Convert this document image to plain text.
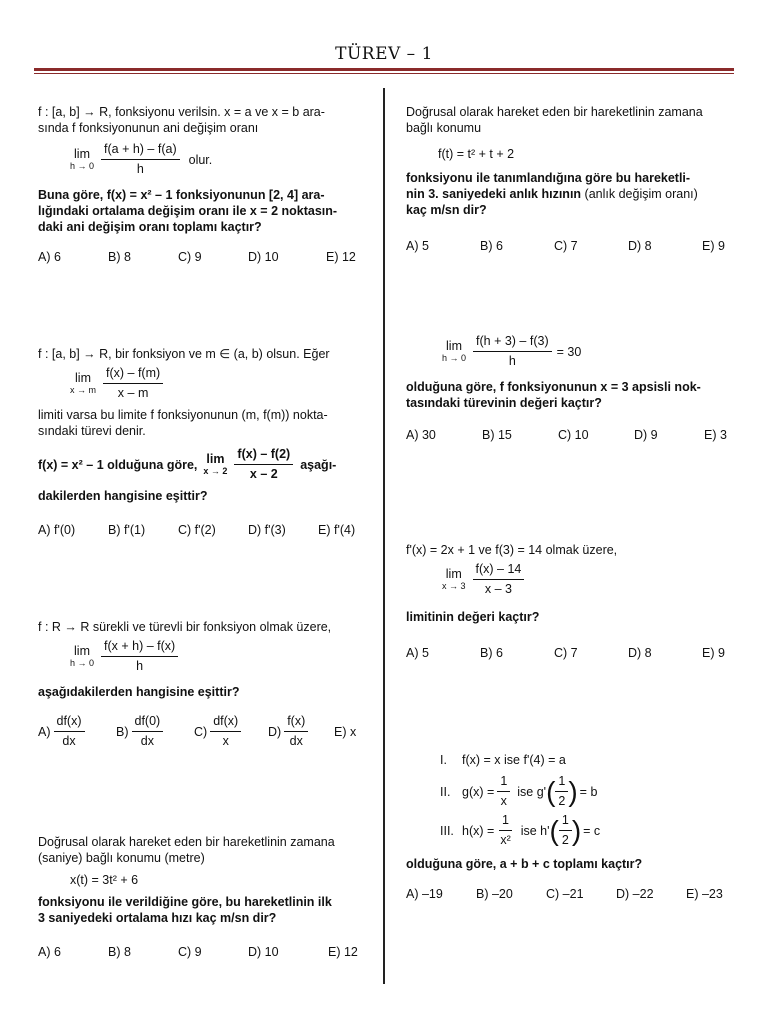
TÜREV – 1

f : [a, b] → R, fonksiyonu verilsin. x = a ve x = b ara-

sında f fonksiyonunun ani değişim oranı

lim
$h \to 0 \frac{f(a + h) - f(a)}{h}$ olur.

Buna göre, f(x) = x² – 1 fonksiyonunun [2, 4] ara-

lığındaki ortalama değişim oranı ile x = 2 noktasın-

daki ani değişim oranı toplamı kaçtır?

A) 6	B) 8	C) 9	D) 10	E) 12

f : [a, b] → R, bir fonksiyon ve m ∈ (a, b) olsun. Eğer

lim
x → m $\frac{f(x) - f(m)}{x - m}$

limiti varsa bu limite f fonksiyonunun (m, f(m)) nokta-

sındaki türevi denir.

f(x) = x² – 1 olduğuna göre, lim
$x \to 2 \frac{f(x) - f(2)}{x - 2}$ aşağı-

dakilerden hangisine eşittir?

A) f'(0)	B) f'(1)	C) f'(2)	D) f'(3)	E) f'(4)

f : R → R sürekli ve türevli bir fonksiyon olmak üzere,

lim
$h \to 0 \frac{f(x + h) - f(x)}{h}$

aşağıdakilerden hangisine eşittir?

$A) \frac{df(x)}{dx}$	$B) \frac{df(0)}{dx} C) \frac{df(x)}{x} D) \frac{f(x)}{dx} E$) x

Doğrusal olarak hareket eden bir hareketlinin zamana

(saniye) bağlı konumu (metre)

x(t) = 3t² + 6

fonksiyonu ile verildiğine göre, bu hareketlinin ilk

3 saniyedeki ortalama hızı kaç m/sn dir?

A) 6	B) 8	C) 9	D) 10	E) 12

Doğrusal olarak hareket eden bir hareketlinin zamana

bağlı konumu

f(t) = t² + t + 2

fonksiyonu ile tanımlandığına göre bu hareketli-

nin 3. saniyedeki anlık hızının (anlık değişim oranı)

kaç m/sn dir?

A) 5	B) 6	C) 7	D) 8	E) 9
lim
$h \to 0 \frac{f(h + 3) - f(3)}{h} = 30$

olduğuna göre, f fonksiyonunun x = 3 apsisli nok-

tasındaki türevinin değeri kaçtır?

A) 30	B) 15	C) 10	D) 9	E) 3

f'(x) = 2x + 1 ve f(3) = 14 olmak üzere,

lim
$x \to 3 \frac{f(x) - 14}{x - 3}$

limitinin değeri kaçtır?

A) 5	B) 6	C) 7	D) 8	E) 9
I.	f(x) = x ise f'(4) = a
II. $g(x) = \frac{1}{x}$ ise g' ( $\frac{1}{2}$ ) = b
III. $h(x) = \frac{1}{\text{x²}}$ ise h' ( $\frac{1}{2}$ ) = c

olduğuna göre, a + b + c toplamı kaçtır?

A) –19	B) –20	C) –21	D) –22	E) –23
